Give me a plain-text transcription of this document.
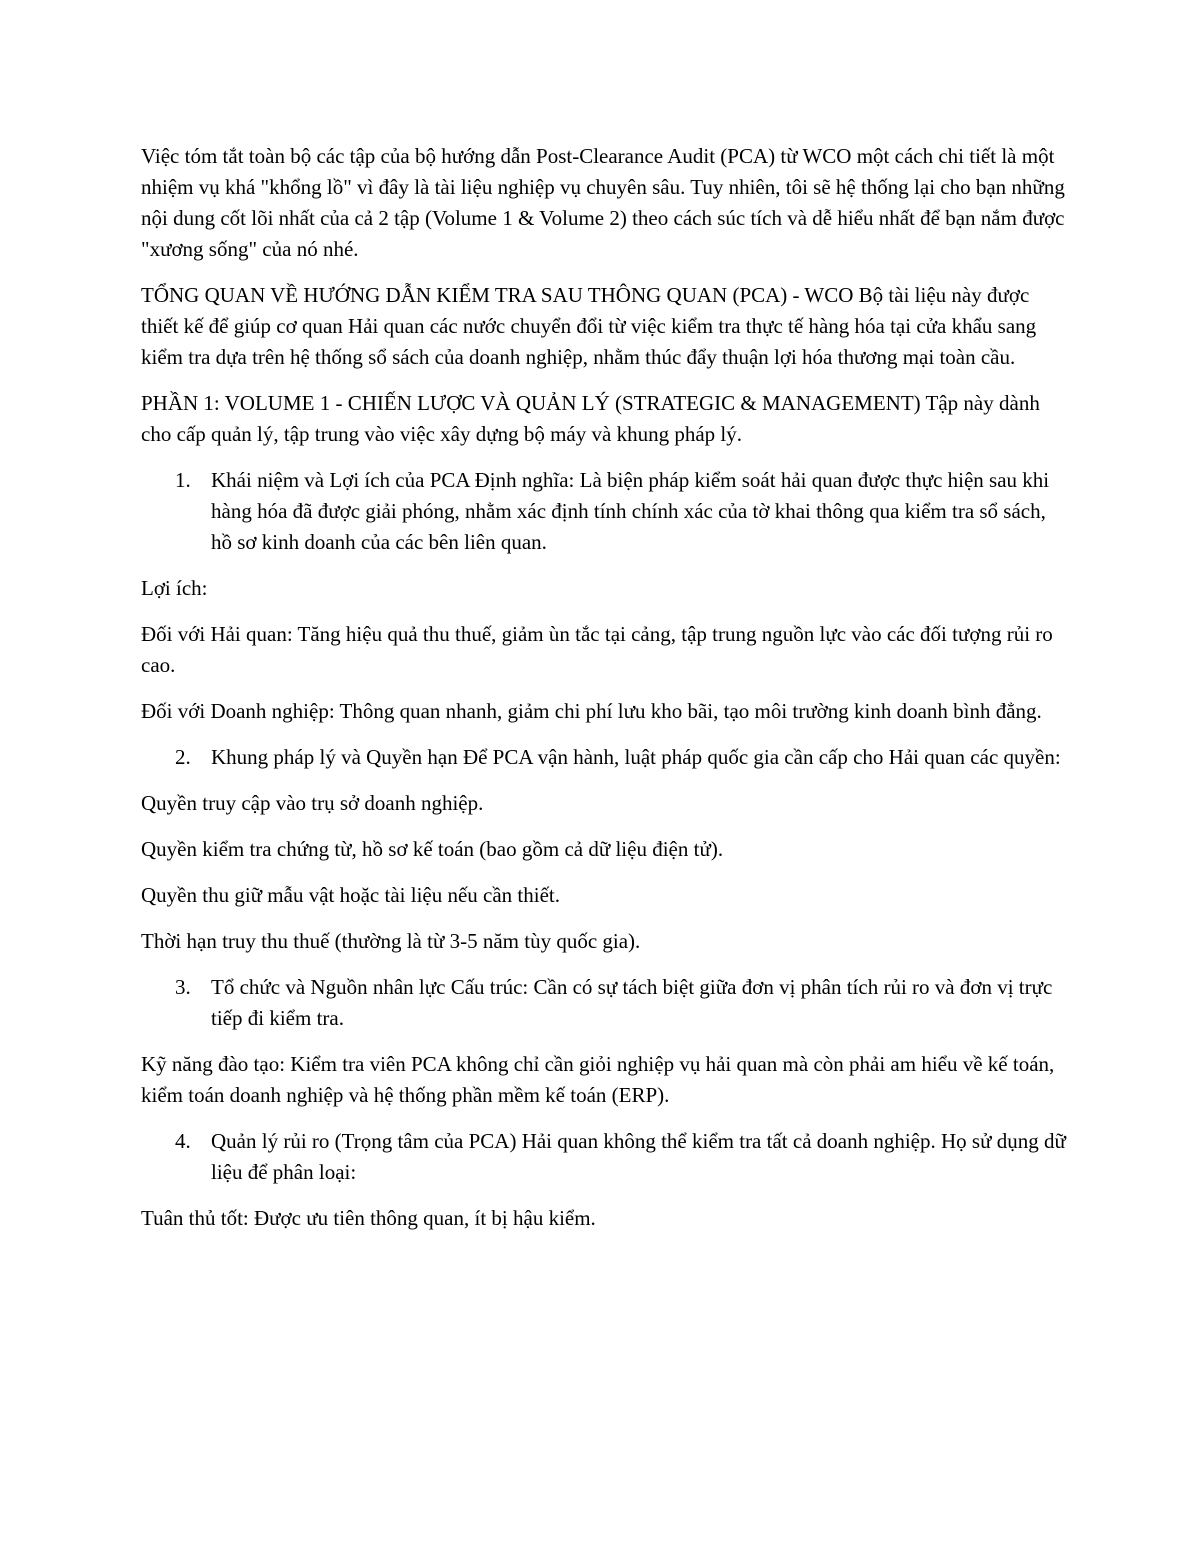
Việc tóm tắt toàn bộ các tập của bộ hướng dẫn Post-Clearance Audit (PCA) từ WCO một cách chi tiết là một nhiệm vụ khá "khổng lồ" vì đây là tài liệu nghiệp vụ chuyên sâu. Tuy nhiên, tôi sẽ hệ thống lại cho bạn những nội dung cốt lõi nhất của cả 2 tập (Volume 1 & Volume 2) theo cách súc tích và dễ hiểu nhất để bạn nắm được "xương sống" của nó nhé.

TỔNG QUAN VỀ HƯỚNG DẪN KIỂM TRA SAU THÔNG QUAN (PCA) - WCO Bộ tài liệu này được thiết kế để giúp cơ quan Hải quan các nước chuyển đổi từ việc kiểm tra thực tế hàng hóa tại cửa khẩu sang kiểm tra dựa trên hệ thống sổ sách của doanh nghiệp, nhằm thúc đẩy thuận lợi hóa thương mại toàn cầu.

PHẦN 1: VOLUME 1 - CHIẾN LƯỢC VÀ QUẢN LÝ (STRATEGIC & MANAGEMENT) Tập này dành cho cấp quản lý, tập trung vào việc xây dựng bộ máy và khung pháp lý.

1. Khái niệm và Lợi ích của PCA Định nghĩa: Là biện pháp kiểm soát hải quan được thực hiện sau khi hàng hóa đã được giải phóng, nhằm xác định tính chính xác của tờ khai thông qua kiểm tra sổ sách, hồ sơ kinh doanh của các bên liên quan.

Lợi ích:

Đối với Hải quan: Tăng hiệu quả thu thuế, giảm ùn tắc tại cảng, tập trung nguồn lực vào các đối tượng rủi ro cao.

Đối với Doanh nghiệp: Thông quan nhanh, giảm chi phí lưu kho bãi, tạo môi trường kinh doanh bình đẳng.

2. Khung pháp lý và Quyền hạn Để PCA vận hành, luật pháp quốc gia cần cấp cho Hải quan các quyền:

Quyền truy cập vào trụ sở doanh nghiệp.

Quyền kiểm tra chứng từ, hồ sơ kế toán (bao gồm cả dữ liệu điện tử).

Quyền thu giữ mẫu vật hoặc tài liệu nếu cần thiết.

Thời hạn truy thu thuế (thường là từ 3-5 năm tùy quốc gia).

3. Tổ chức và Nguồn nhân lực Cấu trúc: Cần có sự tách biệt giữa đơn vị phân tích rủi ro và đơn vị trực tiếp đi kiểm tra.

Kỹ năng đào tạo: Kiểm tra viên PCA không chỉ cần giỏi nghiệp vụ hải quan mà còn phải am hiểu về kế toán, kiểm toán doanh nghiệp và hệ thống phần mềm kế toán (ERP).

4. Quản lý rủi ro (Trọng tâm của PCA) Hải quan không thể kiểm tra tất cả doanh nghiệp. Họ sử dụng dữ liệu để phân loại:

Tuân thủ tốt: Được ưu tiên thông quan, ít bị hậu kiểm.
